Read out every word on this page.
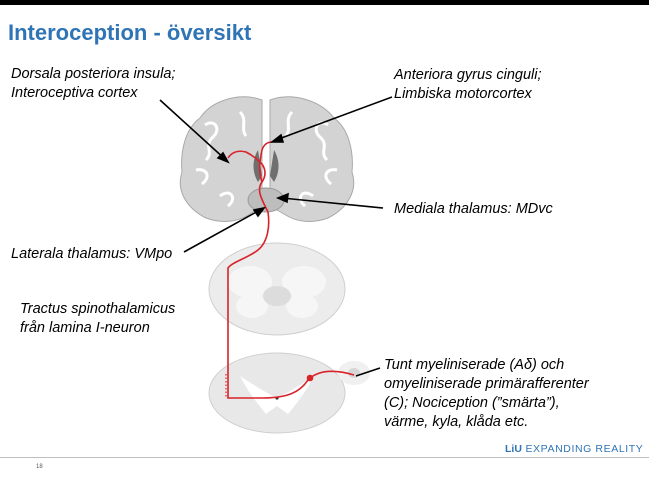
Interoception - översikt
Dorsala posteriora insula;
Interoceptiva cortex
Anteriora gyrus cinguli;
Limbiska motorcortex
Mediala thalamus: MDvc
Laterala thalamus: VMpo
Tractus spinothalamicus
från lamina I-neuron
Tunt myeliniserade (Aδ) och
omyeliniserade primärafferenter
(C); Nociception (”smärta”),
värme, kyla, klåda etc.
LiU EXPANDING REALITY
18
